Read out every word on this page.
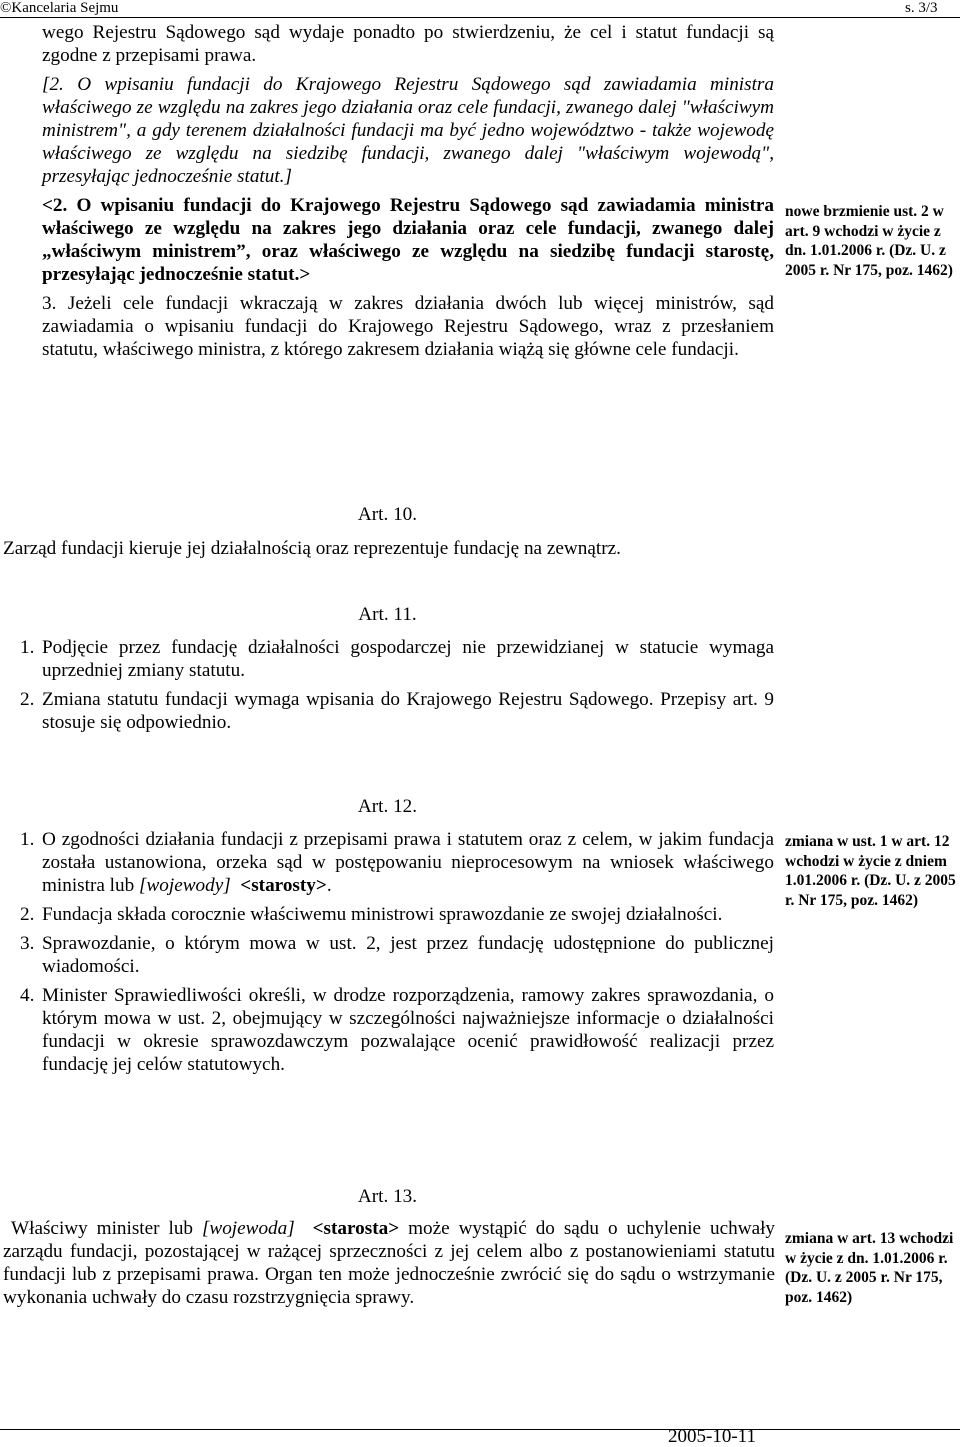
©Kancelaria Sejmu	s. 3/3

wego Rejestru Sądowego sąd wydaje ponadto po stwierdzeniu, że cel i statut fundacji są zgodne z przepisami prawa.

[2. O wpisaniu fundacji do Krajowego Rejestru Sądowego sąd zawiadamia ministra właściwego ze względu na zakres jego działania oraz cele fundacji, zwanego dalej "właściwym ministrem", a gdy terenem działalności fundacji ma być jedno województwo - także wojewodę właściwego ze względu na siedzibę fundacji, zwanego dalej "właściwym wojewodą", przesyłając jednocześnie statut.]

<2. O wpisaniu fundacji do Krajowego Rejestru Sądowego sąd zawiadamia ministra właściwego ze względu na zakres jego działania oraz cele fundacji, zwanego dalej „właściwym ministrem”, oraz właściwego ze względu na siedzibę fundacji starostę, przesyłając jednocześnie statut.>

3. Jeżeli cele fundacji wkraczają w zakres działania dwóch lub więcej ministrów, sąd zawiadamia o wpisaniu fundacji do Krajowego Rejestru Sądowego, wraz z przesłaniem statutu, właściwego ministra, z którego zakresem działania wiążą się główne cele fundacji.

nowe brzmienie ust. 2 w art. 9 wchodzi w życie z dn. 1.01.2006 r. (Dz. U. z 2005 r. Nr 175, poz. 1462)
Art. 10.
Zarząd fundacji kieruje jej działalnością oraz reprezentuje fundację na zewnątrz.
Art. 11.
1. Podjęcie przez fundację działalności gospodarczej nie przewidzianej w statucie wymaga uprzedniej zmiany statutu.
2. Zmiana statutu fundacji wymaga wpisania do Krajowego Rejestru Sądowego. Przepisy art. 9 stosuje się odpowiednio.
Art. 12.
1. O zgodności działania fundacji z przepisami prawa i statutem oraz z celem, w jakim fundacja została ustanowiona, orzeka sąd w postępowaniu nieprocesowym na wniosek właściwego ministra lub [wojewody] <starosty>.
2. Fundacja składa corocznie właściwemu ministrowi sprawozdanie ze swojej działalności.
3. Sprawozdanie, o którym mowa w ust. 2, jest przez fundację udostępnione do publicznej wiadomości.
4. Minister Sprawiedliwości określi, w drodze rozporządzenia, ramowy zakres sprawozdania, o którym mowa w ust. 2, obejmujący w szczególności najważniejsze informacje o działalności fundacji w okresie sprawozdawczym pozwalające ocenić prawidłowość realizacji przez fundację jej celów statutowych.
zmiana w ust. 1 w art. 12 wchodzi w życie z dniem 1.01.2006 r. (Dz. U. z 2005 r. Nr 175, poz. 1462)
Art. 13.
Właściwy minister lub [wojewoda] <starosta> może wystąpić do sądu o uchylenie uchwały zarządu fundacji, pozostającej w rażącej sprzeczności z jej celem albo z postanowieniami statutu fundacji lub z przepisami prawa. Organ ten może jednocześnie zwrócić się do sądu o wstrzymanie wykonania uchwały do czasu rozstrzygnięcia sprawy.
zmiana w art. 13 wchodzi w życie z dn. 1.01.2006 r. (Dz. U. z 2005 r. Nr 175, poz. 1462)
2005-10-11
